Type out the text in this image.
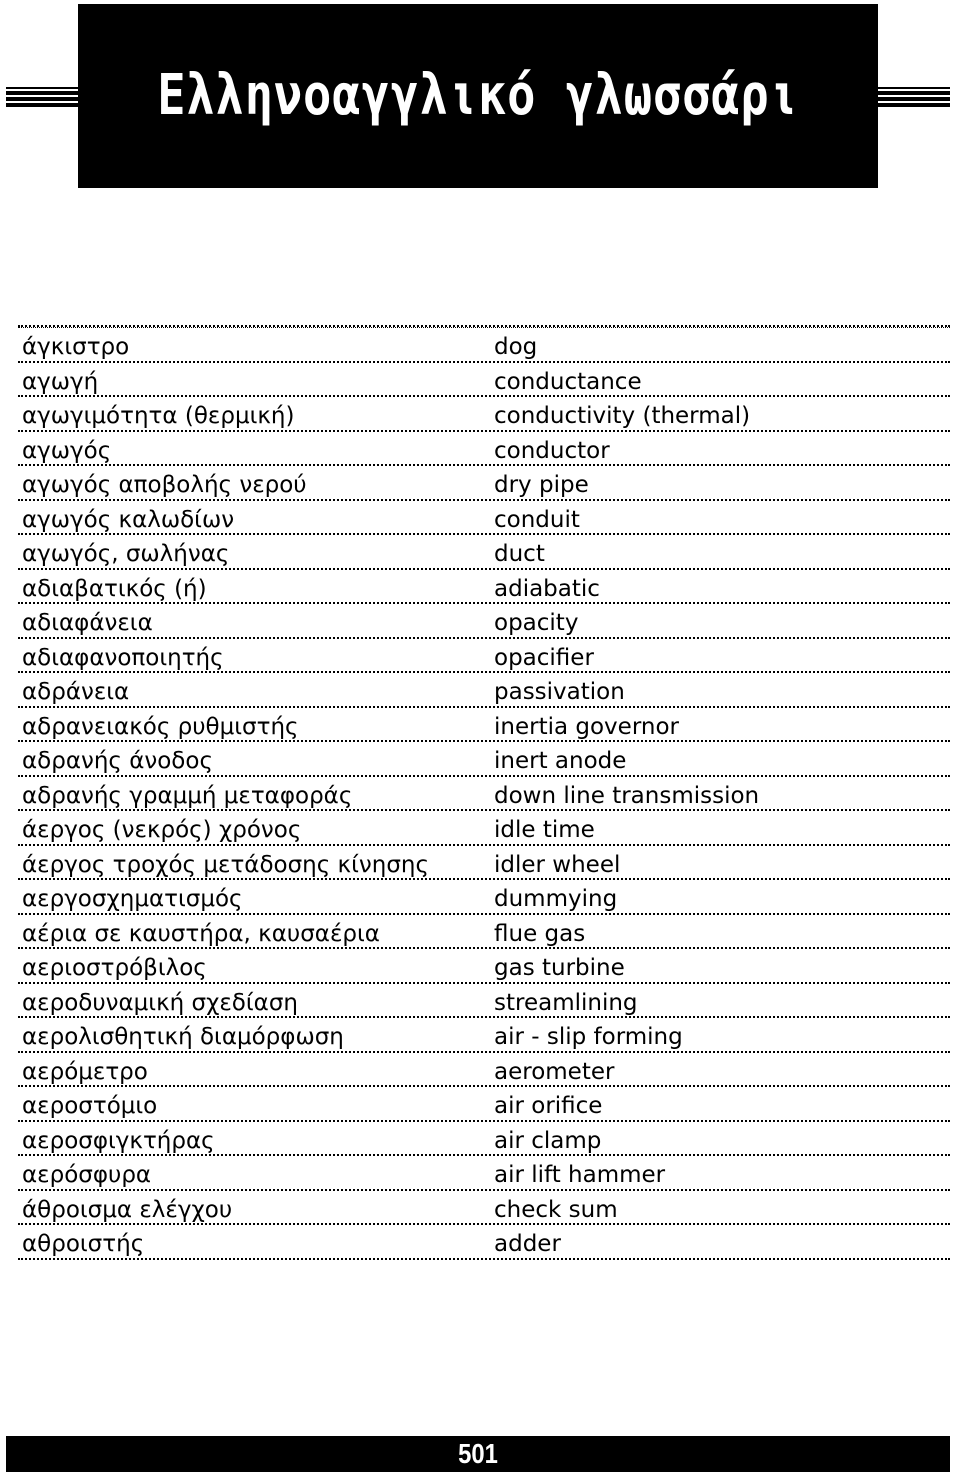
Ελληνοαγγλικό γλωσσάρι
άγκιστρο	dog
αγωγή	conductance
αγωγιμότητα (θερμική)	conductivity (thermal)
αγωγός	conductor
αγωγός αποβολής νερού	dry pipe
αγωγός καλωδίων	conduit
αγωγός, σωλήνας	duct
αδιαβατικός (ή)	adiabatic
αδιαφάνεια	opacity
αδιαφανοποιητής	opacifier
αδράνεια	passivation
αδρανειακός ρυθμιστής	inertia governor
αδρανής άνοδος	inert anode
αδρανής γραμμή μεταφοράς	down line transmission
άεργος (νεκρός) χρόνος	idle time
άεργος τροχός μετάδοσης κίνησης	idler wheel
αεργοσχηματισμός	dummying
αέρια σε καυστήρα, καυσαέρια	flue gas
αεριοστρόβιλος	gas turbine
αεροδυναμική σχεδίαση	streamlining
αερολισθητική διαμόρφωση	air - slip forming
αερόμετρο	aerometer
αεροστόμιο	air orifice
αεροσφιγκτήρας	air clamp
αερόσφυρα	air lift hammer
άθροισμα ελέγχου	check sum
αθροιστής	adder
501
